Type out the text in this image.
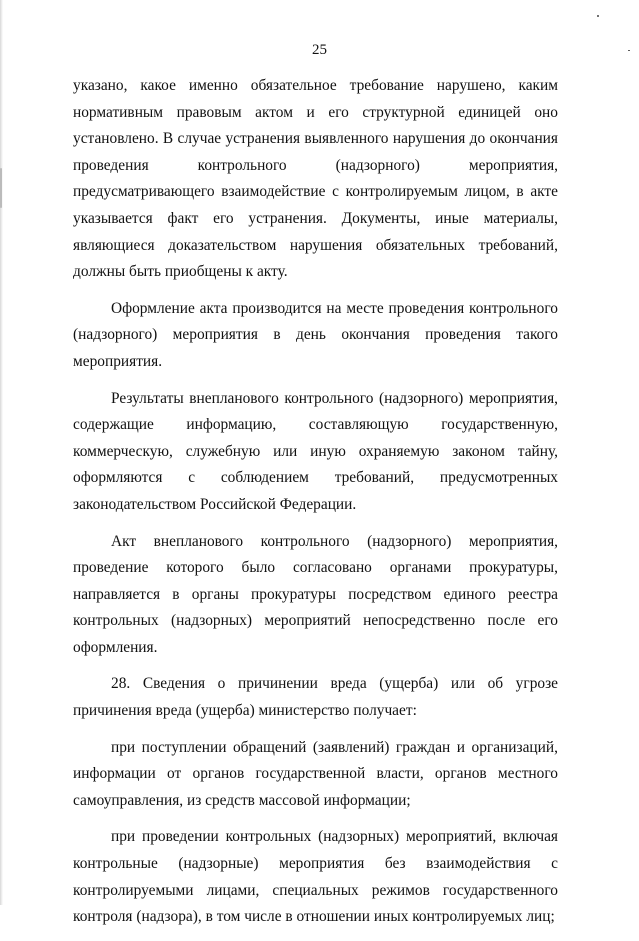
25

указано, какое именно обязательное требование нарушено, каким нормативным правовым актом и его структурной единицей оно установлено. В случае устранения выявленного нарушения до окончания проведения контрольного (надзорного) мероприятия, предусматривающего взаимодействие с контролируемым лицом, в акте указывается факт его устранения. Документы, иные материалы, являющиеся доказательством нарушения обязательных требований, должны быть приобщены к акту.

Оформление акта производится на месте проведения контрольного (надзорного) мероприятия в день окончания проведения такого мероприятия.

Результаты внепланового контрольного (надзорного) мероприятия, содержащие информацию, составляющую государственную, коммерческую, служебную или иную охраняемую законом тайну, оформляются с соблюдением требований, предусмотренных законодательством Российской Федерации.

Акт внепланового контрольного (надзорного) мероприятия, проведение которого было согласовано органами прокуратуры, направляется в органы прокуратуры посредством единого реестра контрольных (надзорных) мероприятий непосредственно после его оформления.

28. Сведения о причинении вреда (ущерба) или об угрозе причинения вреда (ущерба) министерство получает:

при поступлении обращений (заявлений) граждан и организаций, информации от органов государственной власти, органов местного самоуправления, из средств массовой информации;

при проведении контрольных (надзорных) мероприятий, включая контрольные (надзорные) мероприятия без взаимодействия с контролируемыми лицами, специальных режимов государственного контроля (надзора), в том числе в отношении иных контролируемых лиц;
